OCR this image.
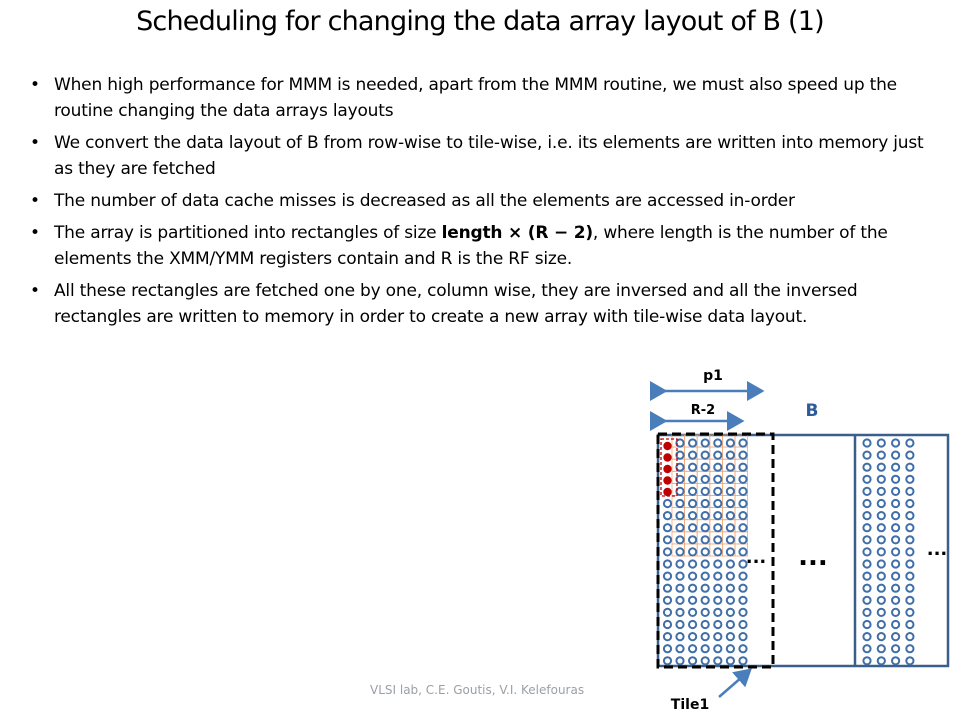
Scheduling for changing the data array layout of B (1)
• When high performance for MMM is needed, apart from the MMM routine, we must also speed up the routine changing the data arrays layouts
• We convert the data layout of B from row-wise to tile-wise, i.e. its elements are written into memory just as they are fetched
• The number of data cache misses is decreased as all the elements are accessed in-order
• The array is partitioned into rectangles of size length × (R − 2), where length is the number of the elements the XMM/YMM registers contain and R is the RF size.
• All these rectangles are fetched one by one, column wise, they are inversed and all the inversed rectangles are written to memory in order to create a new array with tile-wise data layout.
p1
R-2	B
... ...	...
Tile1
VLSI lab, C.E. Goutis, V.I. Kelefouras
